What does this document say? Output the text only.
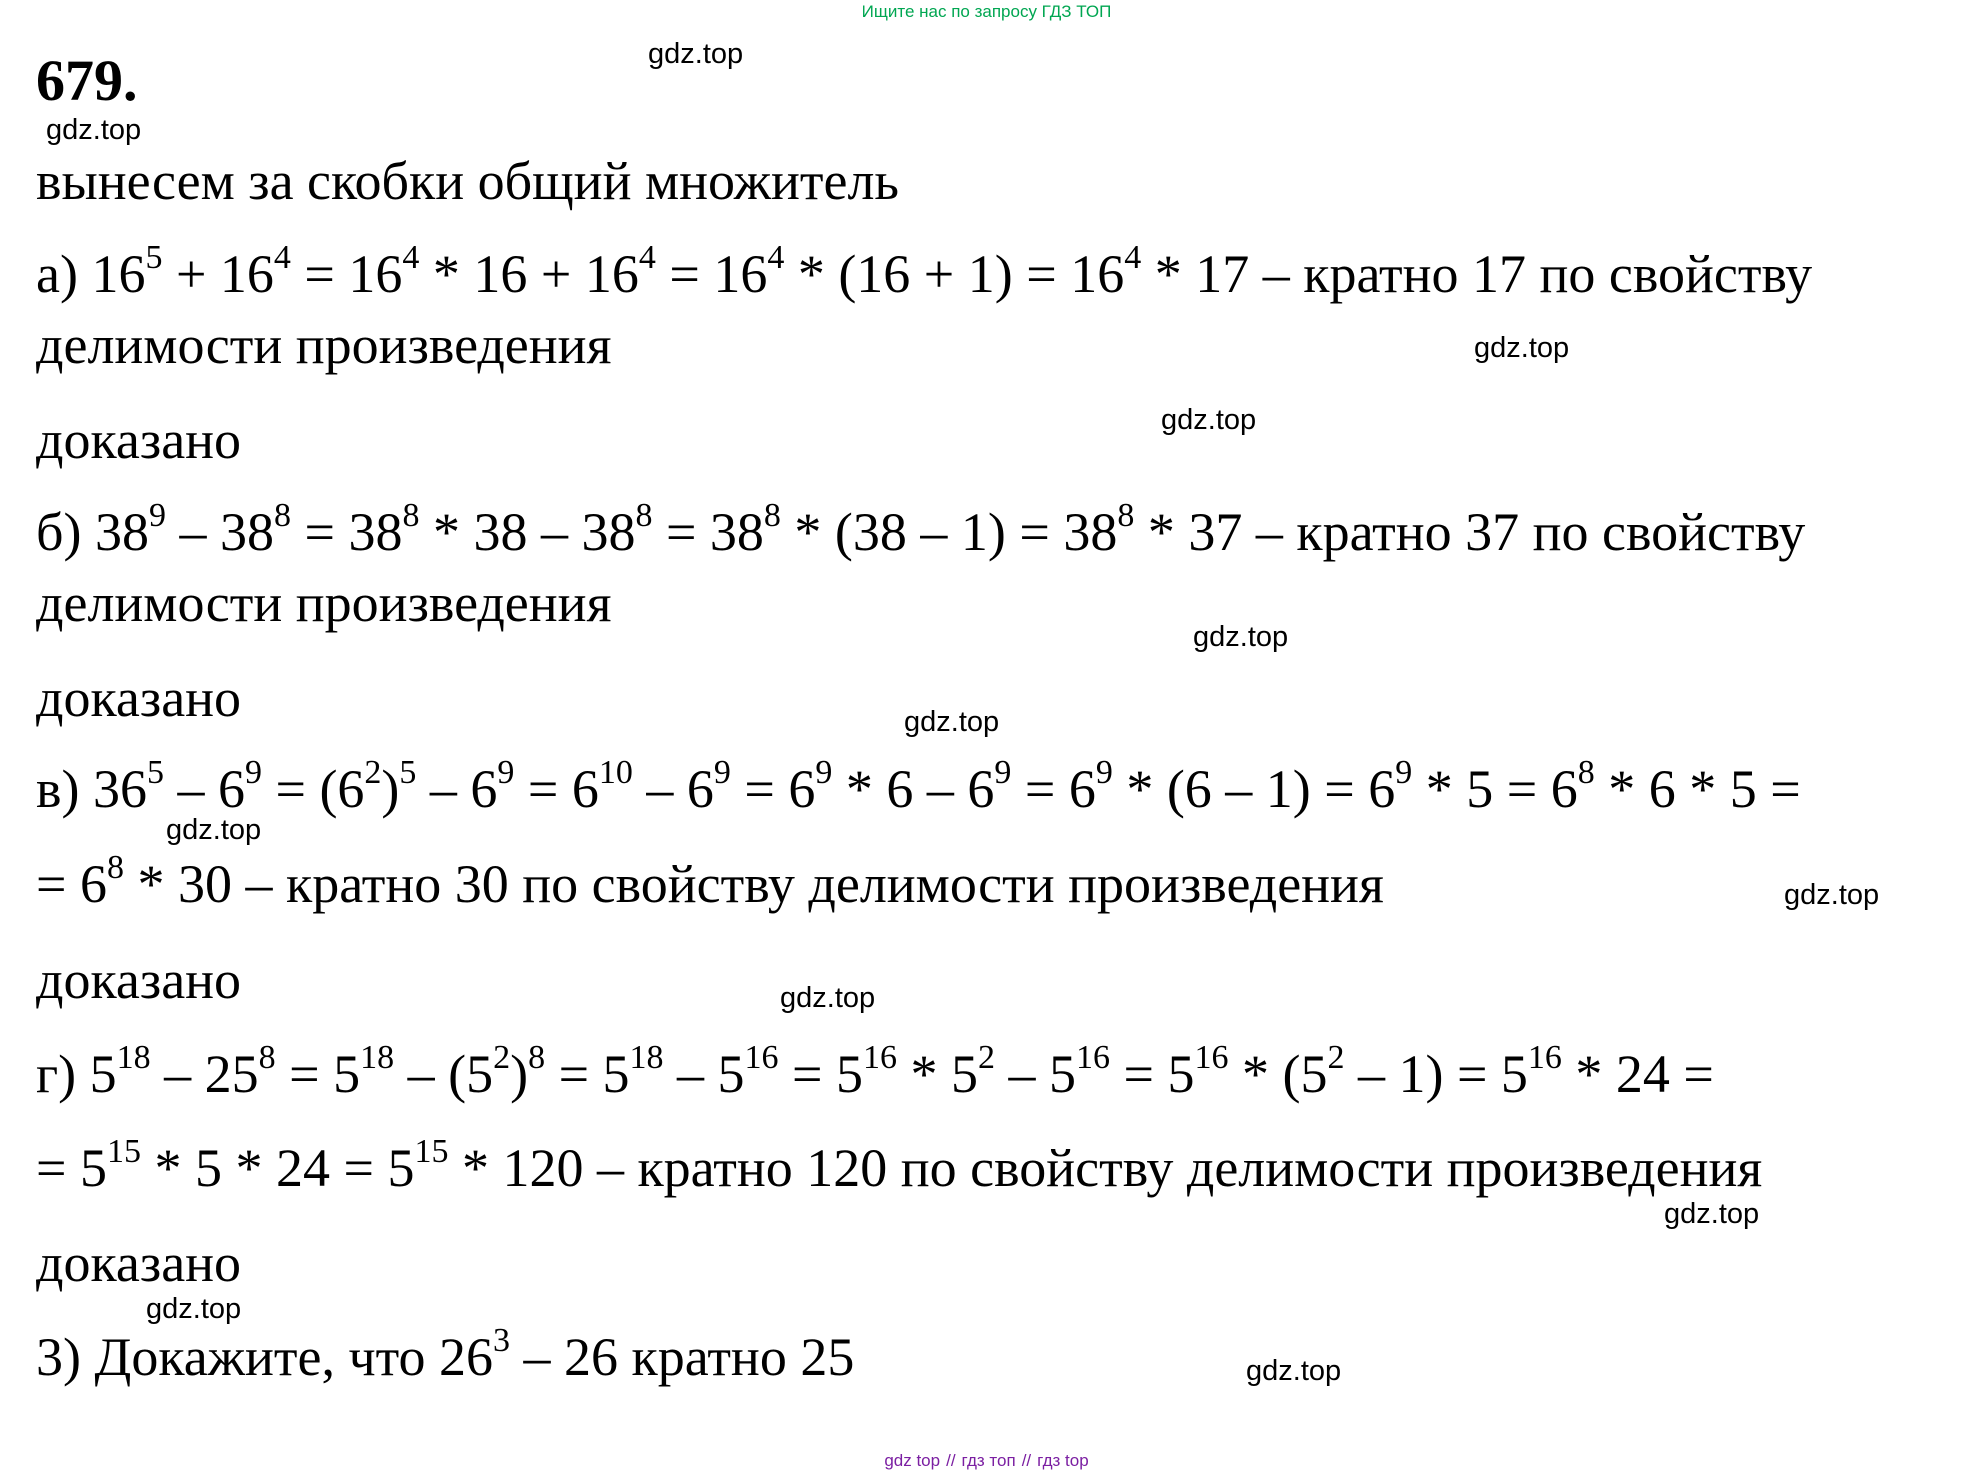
Ищите нас по запросу ГДЗ ТОП
679.
вынесем за скобки общий множитель
а) $16^5 + 16^4 = 16^4 * 16 + 16^4 = 16^4 * (16 + 1) = 16^4 * 17$ – кратно 17 по свойству
делимости произведения
доказано
б) $38^9 - 38^8 = 38^8 * 38 - 38^8 = 38^8 * (38 - 1) = 38^8 * 37$ – кратно 37 по свойству
делимости произведения
доказано
в) $36^5 - 6^9 = (6^2)^5 - 6^9 = 6^{10} - 6^9 = 6^9 * 6 - 6^9 = 6^9 * (6 - 1) = 6^9 * 5 = 6^8 * 6 * 5$ =
= $6^8 * 30$ – кратно 30 по свойству делимости произведения
доказано
г) $5^{18} - 25^8 = 5^{18} - (5^2)^8 = 5^{18} - 5^{16} = 5^{16} * 5^2 - 5^{16} = 5^{16} * (5^2 - 1) = 5^{16} * 24$ =
= $5^{15} * 5 * 24 = 5^{15} * 120$ – кратно 120 по свойству делимости произведения
доказано
3) Докажите, что $26^3 - 26$ кратно 25
gdz.top
gdz.top
gdz.top
gdz.top
gdz.top
gdz.top
gdz.top
gdz.top
gdz.top
gdz.top
gdz.top
gdz.top
gdz top // гдз топ // гдз top
